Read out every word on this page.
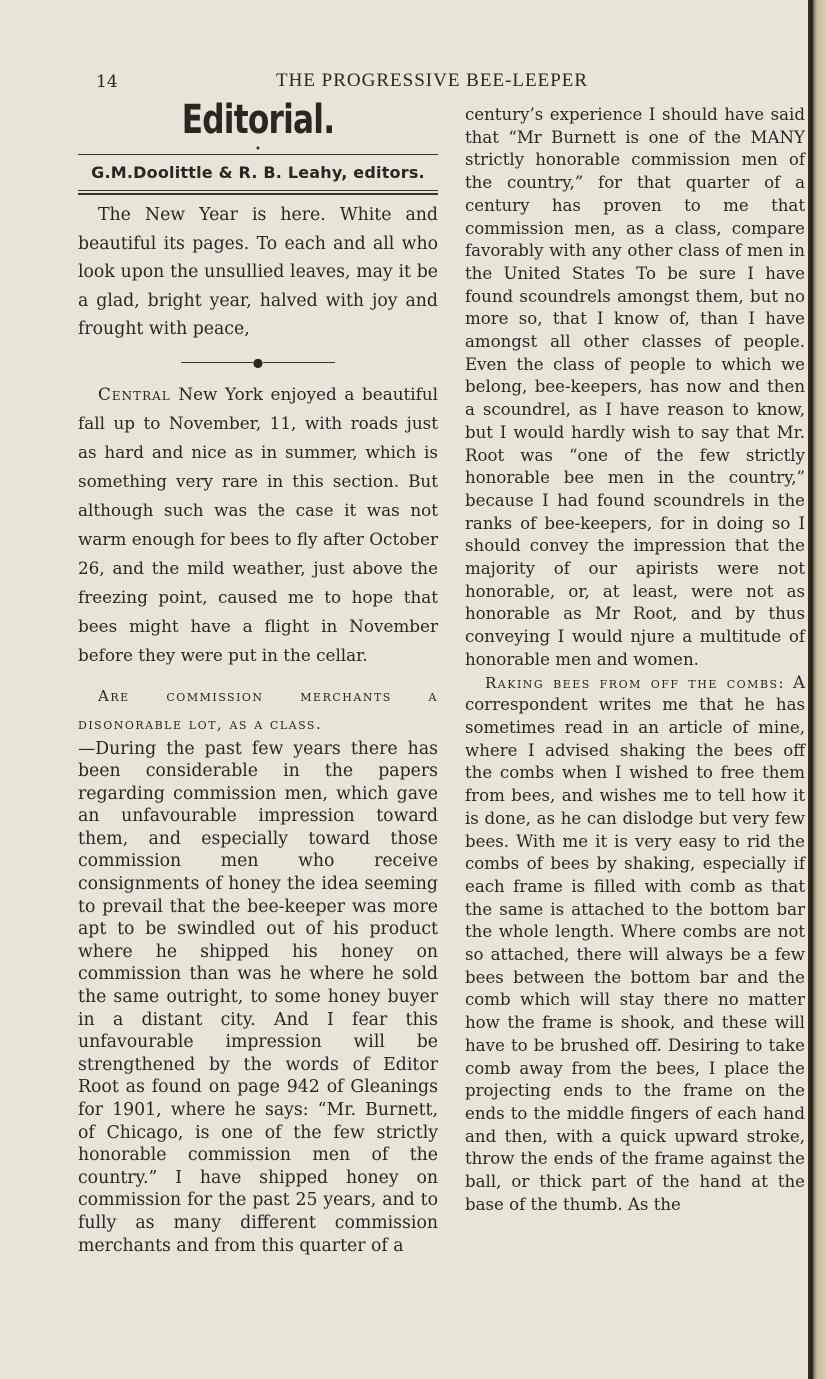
14	THE PROGRESSIVE BEE-LEEPER
Editorial.
•
G.M.Doolittle & R. B. Leahy, editors.

The New Year is here. White and beautiful its pages. To each and all who look upon the unsullied leaves, may it be a glad, bright year, halved with joy and frought with peace,

●

Central New York enjoyed a beautiful fall up to November, 11, with roads just as hard and nice as in summer, which is something very rare in this section. But although such was the case it was not warm enough for bees to fly after October 26, and the mild weather, just above the freezing point, caused me to hope that bees might have a flight in November before they were put in the cellar.

Are commission merchants a disonorable lot, as a class.
—During the past few years there has been considerable in the papers regarding commission men, which gave an unfavourable impression toward them, and especially toward those commission men who receive consignments of honey the idea seeming to prevail that the bee-keeper was more apt to be swindled out of his product where he shipped his honey on commission than was he where he sold the same outright, to some honey buyer in a distant city. And I fear this unfavourable impression will be strengthened by the words of Editor Root as found on page 942 of Gleanings for 1901, where he says: “Mr. Burnett, of Chicago, is one of the few strictly honorable commission men of the country.” I have shipped honey on commission for the past 25 years, and to fully as many different commission merchants and from this quarter of a

century’s experience I should have said that “Mr Burnett is one of the MANY strictly honorable commission men of the country,” for that quarter of a century has proven to me that commission men, as a class, compare favorably with any other class of men in the United States To be sure I have found scoundrels amongst them, but no more so, that I know of, than I have amongst all other classes of people. Even the class of people to which we belong, bee-keepers, has now and then a scoundrel, as I have reason to know, but I would hardly wish to say that Mr. Root was “one of the few strictly honorable bee men in the country,” because I had found scoundrels in the ranks of bee-keepers, for in doing so I should convey the impression that the majority of our apirists were not honorable, or, at least, were not as honorable as Mr Root, and by thus conveying I would njure a multitude of honorable men and women.

Raking bees from off the combs: A correspondent writes me that he has sometimes read in an article of mine, where I advised shaking the bees off the combs when I wished to free them from bees, and wishes me to tell how it is done, as he can dislodge but very few bees. With me it is very easy to rid the combs of bees by shaking, especially if each frame is filled with comb as that the same is attached to the bottom bar the whole length. Where combs are not so attached, there will always be a few bees between the bottom bar and the comb which will stay there no matter how the frame is shook, and these will have to be brushed off. Desiring to take comb away from the bees, I place the projecting ends to the frame on the ends to the middle fingers of each hand and then, with a quick upward stroke, throw the ends of the frame against the ball, or thick part of the hand at the base of the thumb. As the
